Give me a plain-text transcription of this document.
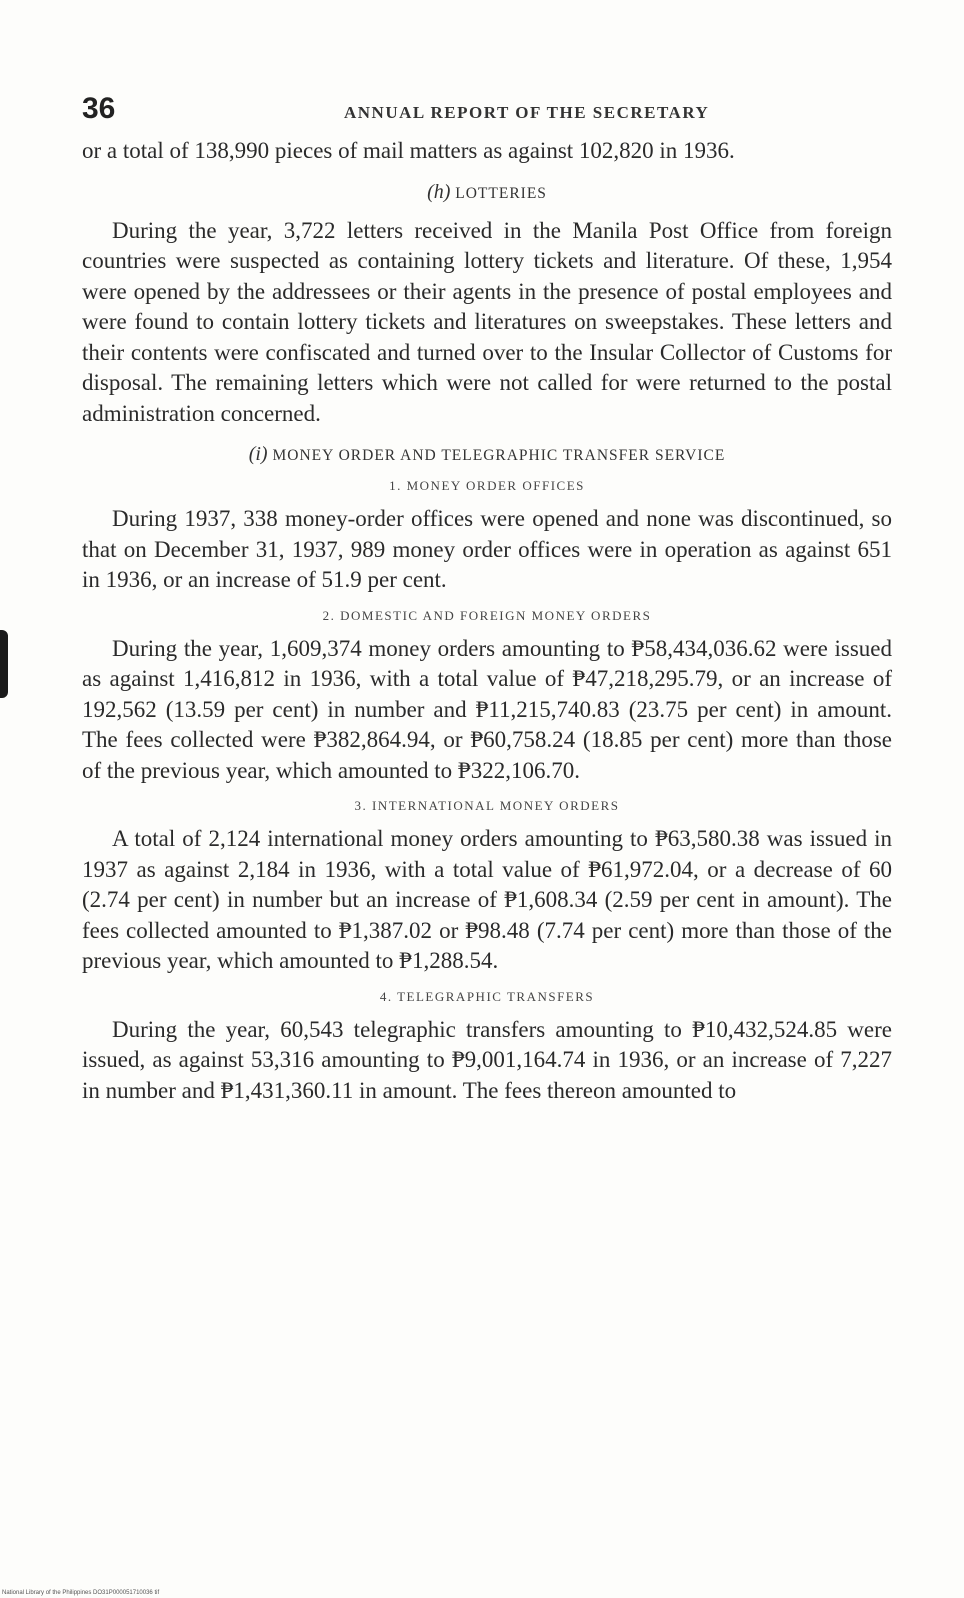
36	ANNUAL REPORT OF THE SECRETARY

or a total of 138,990 pieces of mail matters as against 102,820 in 1936.

(h) LOTTERIES

During the year, 3,722 letters received in the Manila Post Office from foreign countries were suspected as containing lottery tickets and literature. Of these, 1,954 were opened by the addressees or their agents in the presence of postal employees and were found to contain lottery tickets and literatures on sweepstakes. These letters and their contents were confiscated and turned over to the Insular Collector of Customs for disposal. The remaining letters which were not called for were returned to the postal administration concerned.

(i) MONEY ORDER AND TELEGRAPHIC TRANSFER SERVICE
1. MONEY ORDER OFFICES

During 1937, 338 money-order offices were opened and none was discontinued, so that on December 31, 1937, 989 money order offices were in operation as against 651 in 1936, or an increase of 51.9 per cent.

2. DOMESTIC AND FOREIGN MONEY ORDERS

During the year, 1,609,374 money orders amounting to ₱58,434,036.62 were issued as against 1,416,812 in 1936, with a total value of ₱47,218,295.79, or an increase of 192,562 (13.59 per cent) in number and ₱11,215,740.83 (23.75 per cent) in amount. The fees collected were ₱382,864.94, or ₱60,758.24 (18.85 per cent) more than those of the previous year, which amounted to ₱322,106.70.

3. INTERNATIONAL MONEY ORDERS

A total of 2,124 international money orders amounting to ₱63,580.38 was issued in 1937 as against 2,184 in 1936, with a total value of ₱61,972.04, or a decrease of 60 (2.74 per cent) in number but an increase of ₱1,608.34 (2.59 per cent in amount). The fees collected amounted to ₱1,387.02 or ₱98.48 (7.74 per cent) more than those of the previous year, which amounted to ₱1,288.54.

4. TELEGRAPHIC TRANSFERS

During the year, 60,543 telegraphic transfers amounting to ₱10,432,524.85 were issued, as against 53,316 amounting to ₱9,001,164.74 in 1936, or an increase of 7,227 in number and ₱1,431,360.11 in amount. The fees thereon amounted to

National Library of the Philippines DO31P000051710036 tif
